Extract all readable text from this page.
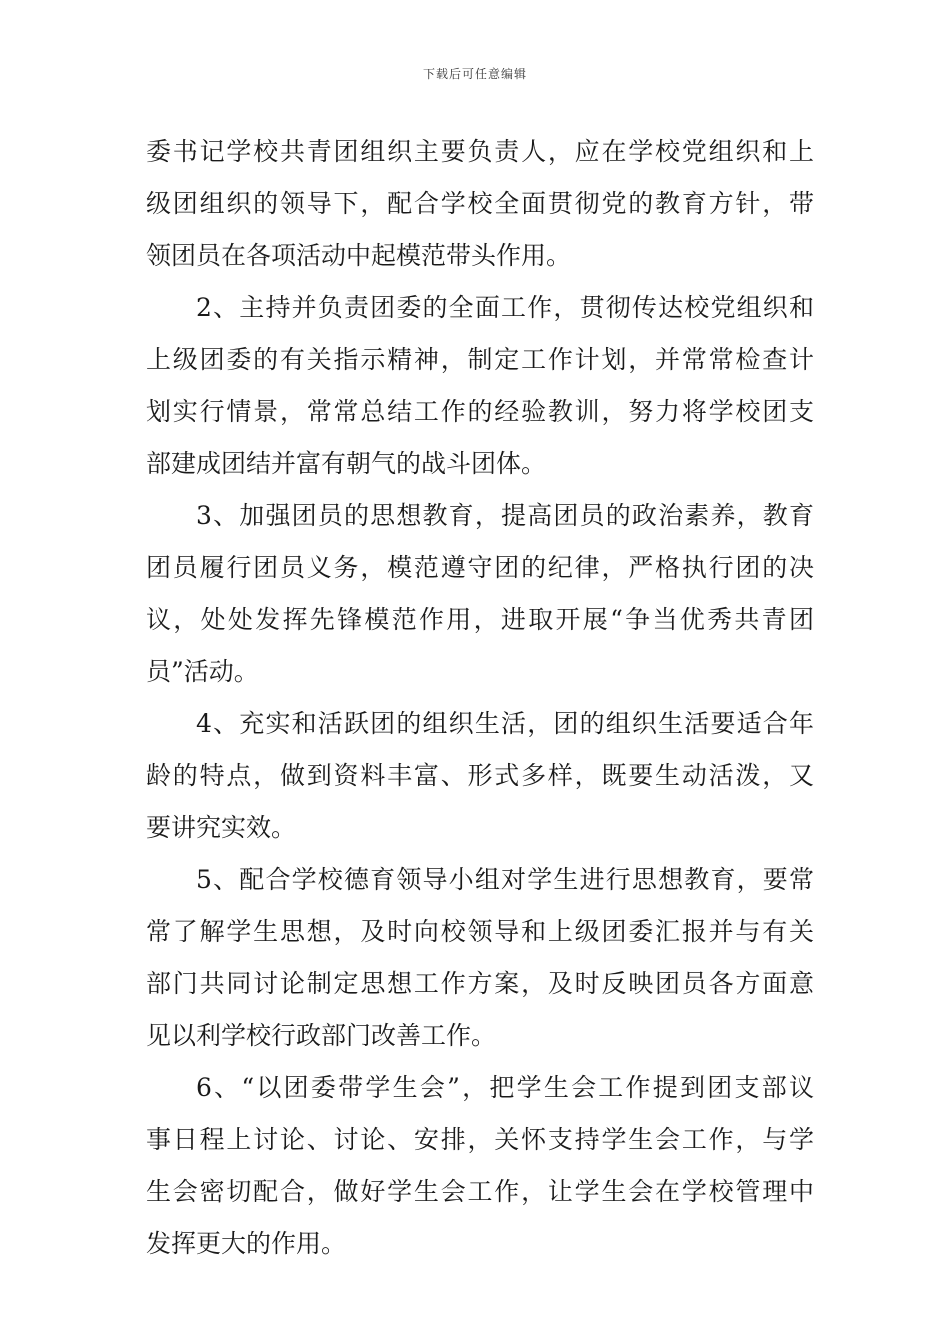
下载后可任意编辑
委书记学校共青团组织主要负责人，应在学校党组织和上
级团组织的领导下，配合学校全面贯彻党的教育方针，带
领团员在各项活动中起模范带头作用。
2、主持并负责团委的全面工作，贯彻传达校党组织和
上级团委的有关指示精神，制定工作计划，并常常检查计
划实行情景，常常总结工作的经验教训，努力将学校团支
部建成团结并富有朝气的战斗团体。
3、加强团员的思想教育，提高团员的政治素养，教育
团员履行团员义务，模范遵守团的纪律，严格执行团的决
议，处处发挥先锋模范作用，进取开展“争当优秀共青团
员”活动。
4、充实和活跃团的组织生活，团的组织生活要适合年
龄的特点，做到资料丰富、形式多样，既要生动活泼，又
要讲究实效。
5、配合学校德育领导小组对学生进行思想教育，要常
常了解学生思想，及时向校领导和上级团委汇报并与有关
部门共同讨论制定思想工作方案，及时反映团员各方面意
见以利学校行政部门改善工作。
6、“以团委带学生会”，把学生会工作提到团支部议
事日程上讨论、讨论、安排，关怀支持学生会工作，与学
生会密切配合，做好学生会工作，让学生会在学校管理中
发挥更大的作用。
